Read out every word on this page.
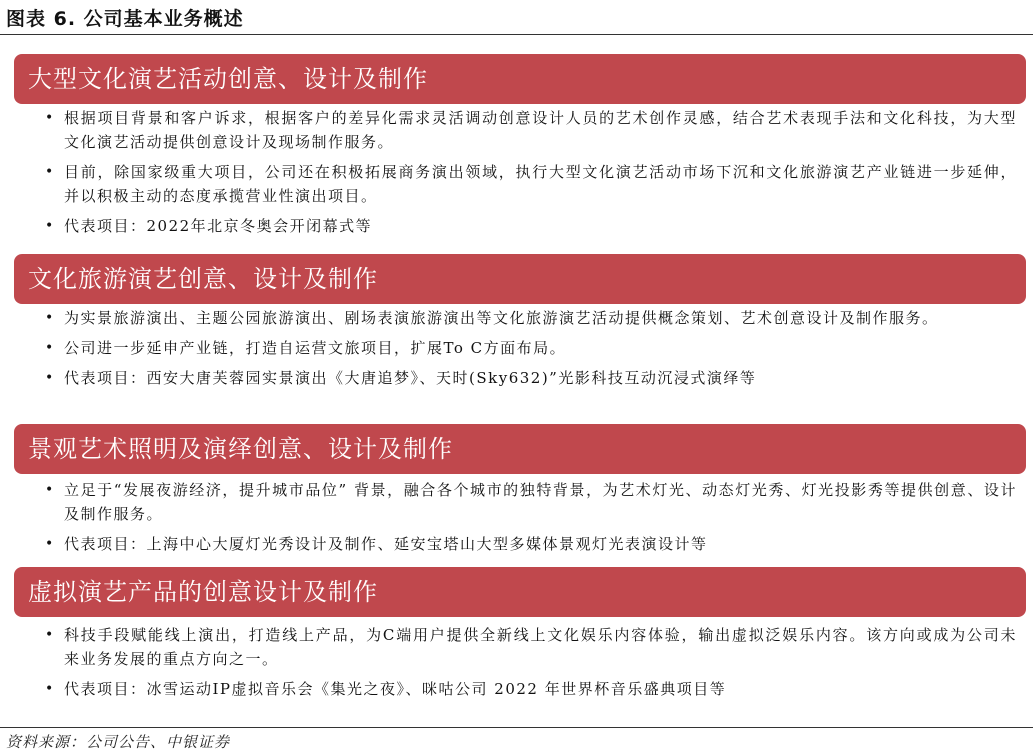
图表 6. 公司基本业务概述
大型文化演艺活动创意、设计及制作
• 根据项目背景和客户诉求，根据客户的差异化需求灵活调动创意设计人员的艺术创作灵感，结合艺术表现手法和文化科技，为大型文化演艺活动提供创意设计及现场制作服务。
• 目前，除国家级重大项目，公司还在积极拓展商务演出领域，执行大型文化演艺活动市场下沉和文化旅游演艺产业链进一步延伸，并以积极主动的态度承揽营业性演出项目。
• 代表项目：2022年北京冬奥会开闭幕式等
文化旅游演艺创意、设计及制作
• 为实景旅游演出、主题公园旅游演出、剧场表演旅游演出等文化旅游演艺活动提供概念策划、艺术创意设计及制作服务。
• 公司进一步延申产业链，打造自运营文旅项目，扩展To C方面布局。
• 代表项目：西安大唐芙蓉园实景演出《大唐追梦》、天时(Sky632)”光影科技互动沉浸式演绎等
景观艺术照明及演绎创意、设计及制作
• 立足于“发展夜游经济，提升城市品位” 背景，融合各个城市的独特背景，为艺术灯光、动态灯光秀、灯光投影秀等提供创意、设计及制作服务。
• 代表项目：上海中心大厦灯光秀设计及制作、延安宝塔山大型多媒体景观灯光表演设计等
虚拟演艺产品的创意设计及制作
• 科技手段赋能线上演出，打造线上产品，为C端用户提供全新线上文化娱乐内容体验，输出虚拟泛娱乐内容。该方向或成为公司未来业务发展的重点方向之一。
• 代表项目：冰雪运动IP虚拟音乐会《集光之夜》、咪咕公司 2022 年世界杯音乐盛典项目等
资料来源：公司公告、中银证券
